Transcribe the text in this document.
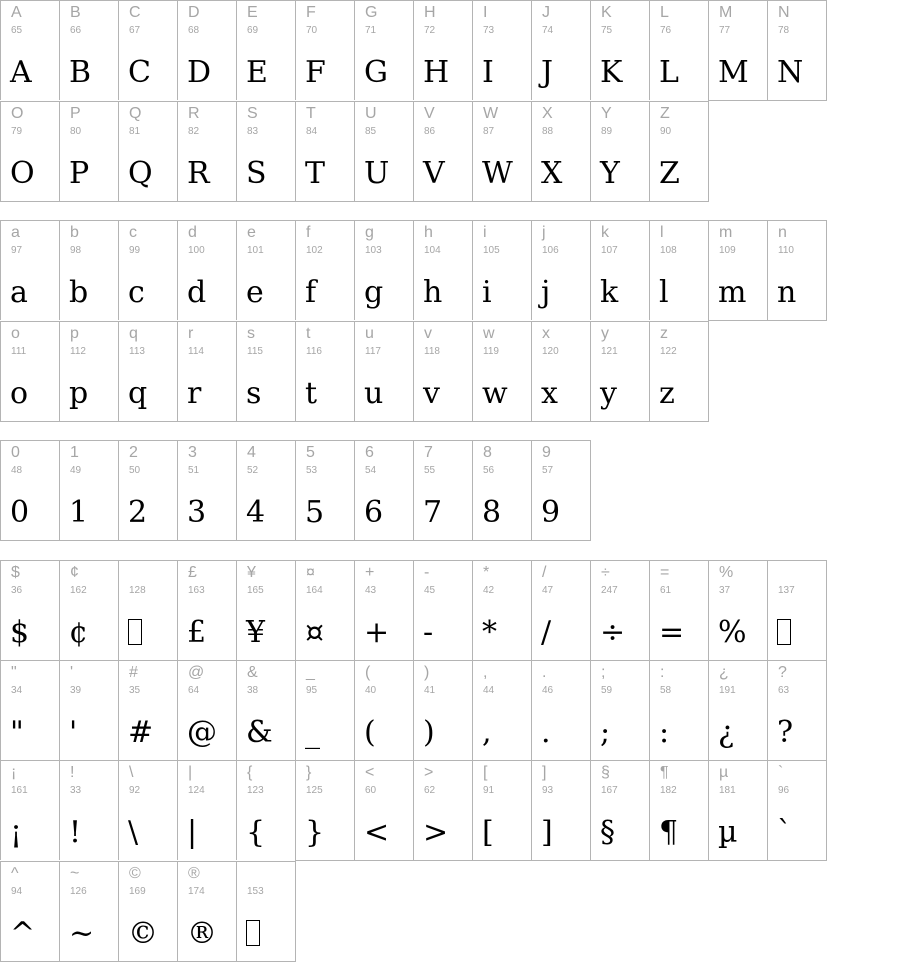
A
65
A
B
66
B
C
67
C
D
68
D
E
69
E
F
70
F
G
71
G
H
72
H
I
73
I
J
74
J
K
75
K
L
76
L
M
77
M
N
78
N
O
79
O
P
80
P
Q
81
Q
R
82
R
S
83
S
T
84
T
U
85
U
V
86
V
W
87
W
X
88
X
Y
89
Y
Z
90
Z
a
97
a
b
98
b
c
99
c
d
100
d
e
101
e
f
102
f
g
103
g
h
104
h
i
105
i
j
106
j
k
107
k
l
108
l
m
109
m
n
110
n
o
111
o
p
112
p
q
113
q
r
114
r
s
115
s
t
116
t
u
117
u
v
118
v
w
119
w
x
120
x
y
121
y
z
122
z
0
48
0
1
49
1
2
50
2
3
51
3
4
52
4
5
53
5
6
54
6
7
55
7
8
56
8
9
57
9
$
36
$
¢
162
¢
128
£
163
£
¥
165
¥
¤
164
¤
+
43
+
-
45
-
*
42
*
/
47
/
÷
247
÷
=
61
=
%
37
%
137
"
34
"
'
39
'
#
35
#
@
64
@
&
38
&
_
95
_
(
40
(
)
41
)
,
44
,
.
46
.
;
59
;
:
58
:
¿
191
¿
?
63
?
¡
161
¡
!
33
!
\
92
\
|
124
|
{
123
{
}
125
}
<
60
<
>
62
>
[
91
[
]
93
]
§
167
§
¶
182
¶
µ
181
µ
`
96
`
^
94
^
~
126
~
©
169
©
®
174
®
153
